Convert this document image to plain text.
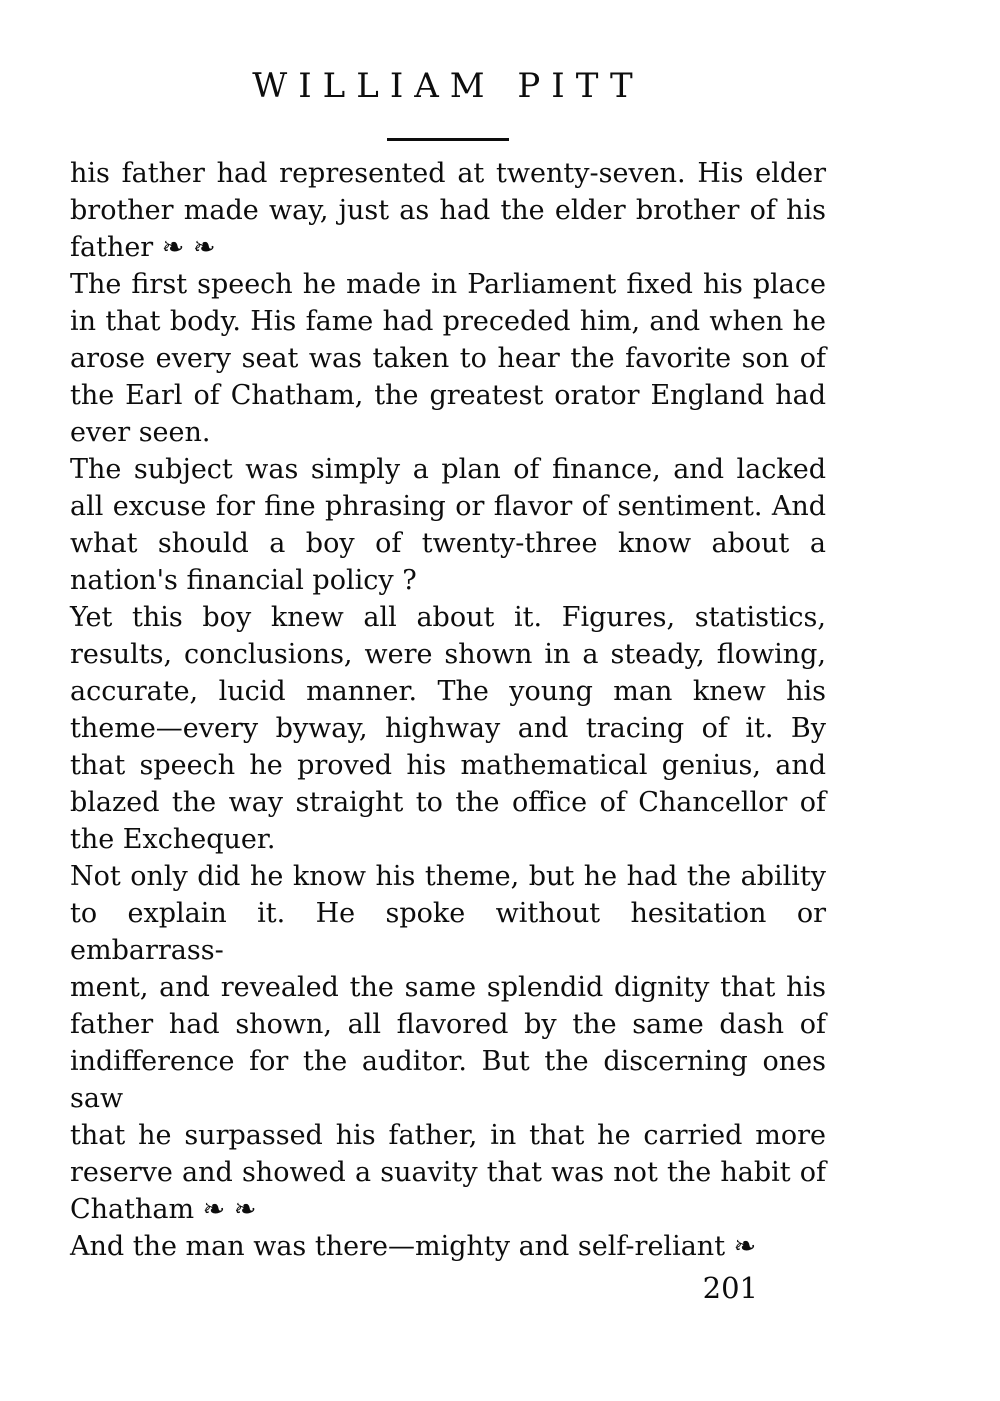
WILLIAM PITT
his father had represented at twenty-seven. His elder
brother made way, just as had the elder brother of his
father ❧ ❧
The first speech he made in Parliament fixed his place
in that body. His fame had preceded him, and when he
arose every seat was taken to hear the favorite son of
the Earl of Chatham, the greatest orator England had
ever seen.
The subject was simply a plan of finance, and lacked
all excuse for fine phrasing or flavor of sentiment. And
what should a boy of twenty-three know about a
nation's financial policy ?
Yet this boy knew all about it. Figures, statistics,
results, conclusions, were shown in a steady, flowing,
accurate, lucid manner. The young man knew his
theme—every byway, highway and tracing of it. By
that speech he proved his mathematical genius, and
blazed the way straight to the office of Chancellor of
the Exchequer.
Not only did he know his theme, but he had the ability
to explain it. He spoke without hesitation or embarrass-
ment, and revealed the same splendid dignity that his
father had shown, all flavored by the same dash of
indifference for the auditor. But the discerning ones saw
that he surpassed his father, in that he carried more
reserve and showed a suavity that was not the habit of
Chatham ❧ ❧
And the man was there—mighty and self-reliant ❧
201
